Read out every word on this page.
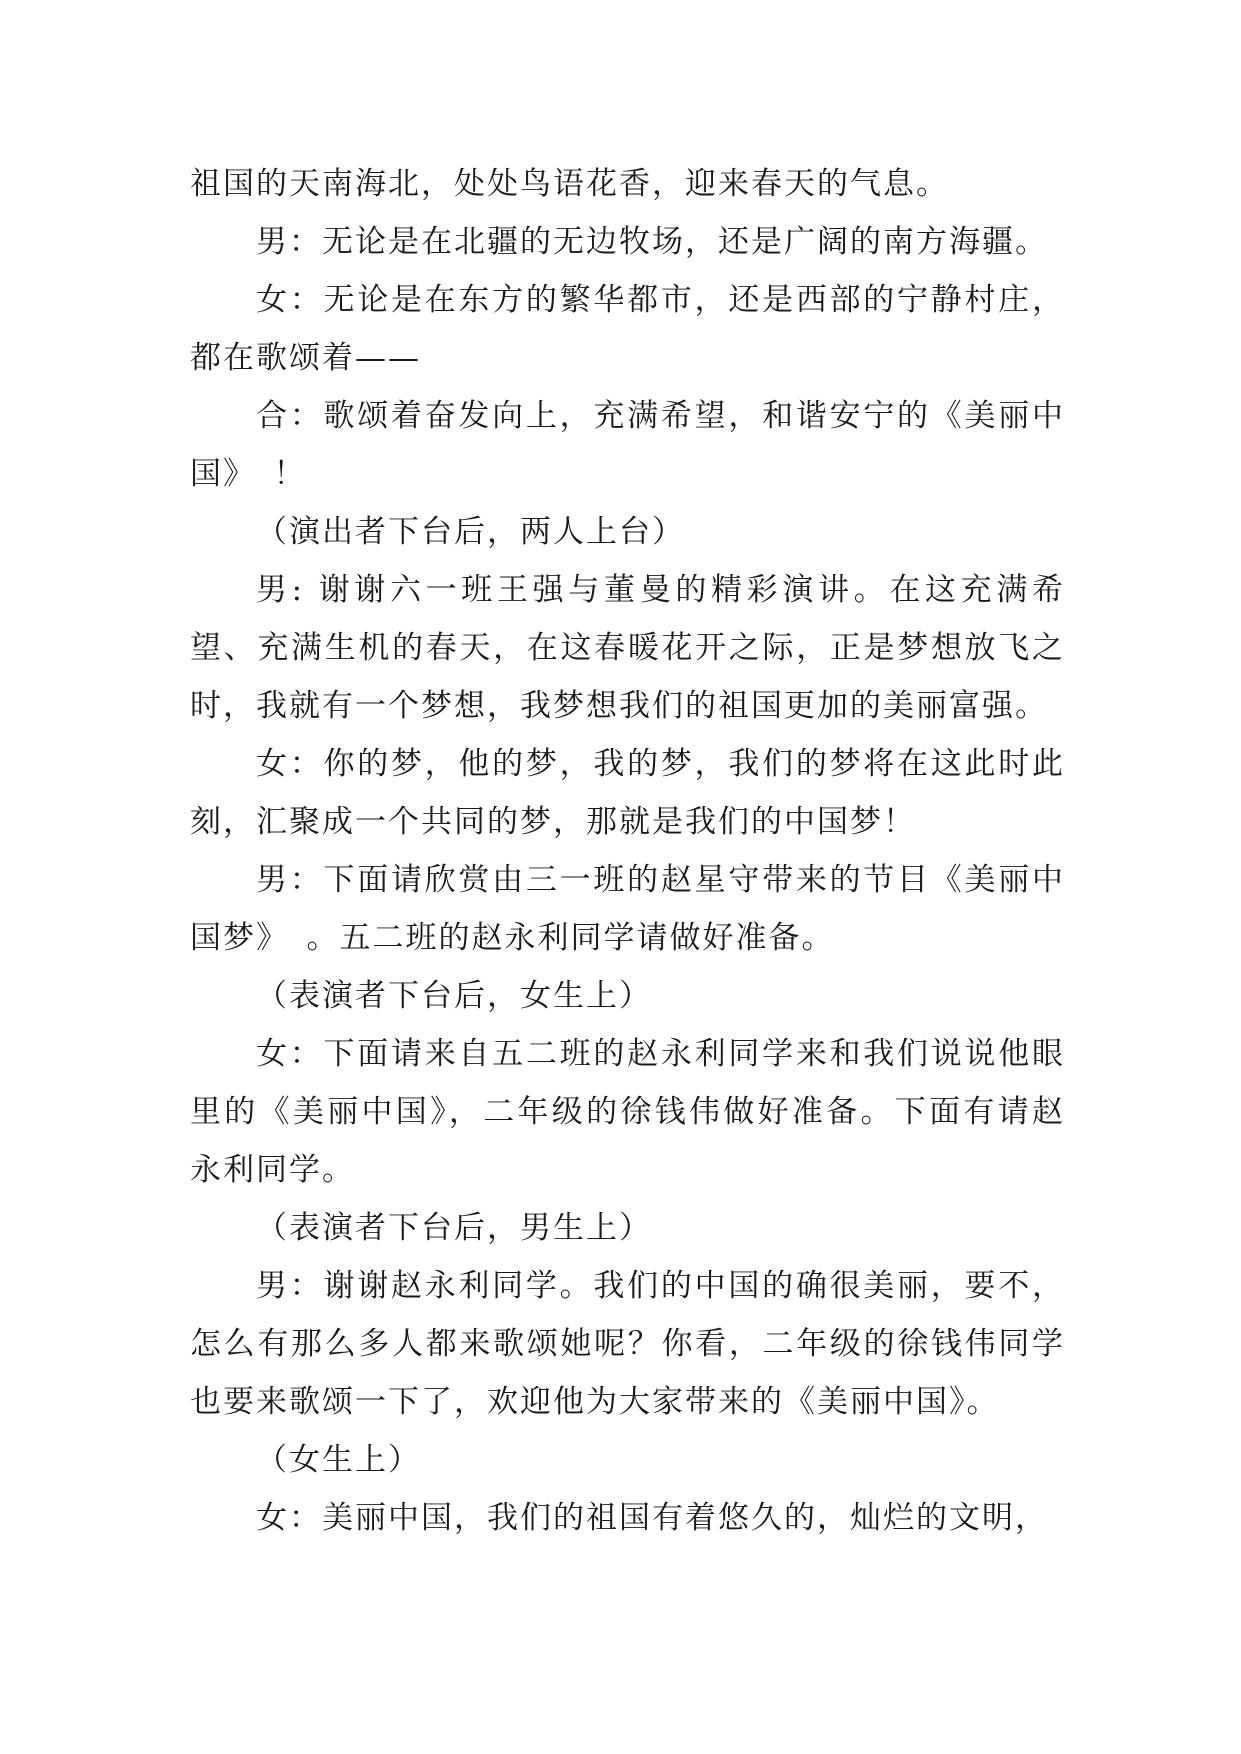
祖国的天南海北，处处鸟语花香，迎来春天的气息。

男：无论是在北疆的无边牧场，还是广阔的南方海疆。

女：无论是在东方的繁华都市，还是西部的宁静村庄，都在歌颂着——

合：歌颂着奋发向上，充满希望，和谐安宁的《美丽中国》　！

（演出者下台后，两人上台）

男: 谢谢六一班王强与董曼的精彩演讲。在这充满希望、充满生机的春天，在这春暖花开之际，正是梦想放飞之时，我就有一个梦想，我梦想我们的祖国更加的美丽富强。

女：你的梦，他的梦，我的梦，我们的梦将在这此时此刻，汇聚成一个共同的梦，那就是我们的中国梦！

男：下面请欣赏由三一班的赵星守带来的节目《美丽中国梦》　。五二班的赵永利同学请做好准备。

（表演者下台后，女生上）

女：下面请来自五二班的赵永利同学来和我们说说他眼里的《美丽中国》，二年级的徐钱伟做好准备。下面有请赵永利同学。

（表演者下台后，男生上）

男：谢谢赵永利同学。我们的中国的确很美丽，要不，怎么有那么多人都来歌颂她呢？你看，二年级的徐钱伟同学也要来歌颂一下了，欢迎他为大家带来的《美丽中国》。

（女生上）

女：美丽中国，我们的祖国有着悠久的，灿烂的文明，
